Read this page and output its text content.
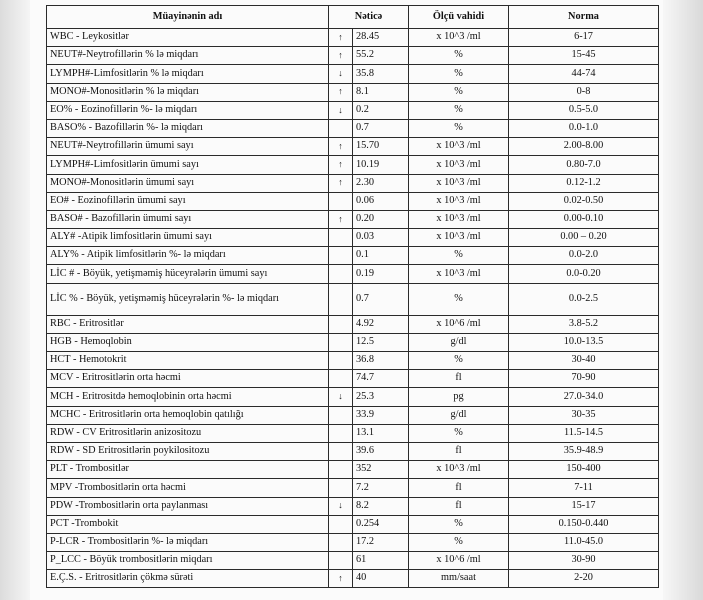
Müayinənin adı	Nəticə		Ölçü vahidi	Norma
WBC - Leykositlər	↑	28.45	x 10^3 /ml	6-17
NEUT#-Neytrofillərin % lə miqdarı	↑	55.2	%	15-45
LYMPH#-Limfositlərin % lə miqdarı	↓	35.8	%	44-74
MONO#-Monositlərin % lə miqdarı	↑	8.1	%	0-8
EO% - Eozinofillərin %- lə miqdarı	↓	0.2	%	0.5-5.0
BASO% - Bazofillərin %- lə miqdarı		0.7	%	0.0-1.0
NEUT#-Neytrofillərin ümumi sayı	↑	15.70	x 10^3 /ml	2.00-8.00
LYMPH#-Limfositlərin ümumi sayı	↑	10.19	x 10^3 /ml	0.80-7.0
MONO#-Monositlərin ümumi sayı	↑	2.30	x 10^3 /ml	0.12-1.2
EO# - Eozinofillərin ümumi sayı		0.06	x 10^3 /ml	0.02-0.50
BASO# - Bazofillərin ümumi sayı	↑	0.20	x 10^3 /ml	0.00-0.10
ALY# -Atipik limfositlərin ümumi sayı		0.03	x 10^3 /ml	0.00 – 0.20
ALY% - Atipik limfositlərin %- lə miqdarı		0.1	%	0.0-2.0
LİC # - Böyük, yetişməmiş hüceyrələrin ümumi sayı		0.19	x 10^3 /ml	0.0-0.20
LİC % - Böyük, yetişməmiş hüceyrələrin %- lə miqdarı		0.7	%	0.0-2.5
RBC - Eritrositlər		4.92	x 10^6 /ml	3.8-5.2
HGB - Hemoqlobin		12.5	g/dl	10.0-13.5
HCT - Hemotokrit		36.8	%	30-40
MCV - Eritrositlərin orta həcmi		74.7	fl	70-90
MCH - Eritrositdə hemoqlobinin orta həcmi	↓	25.3	pg	27.0-34.0
MCHC - Eritrositlərin orta hemoqlobin qatılığı		33.9	g/dl	30-35
RDW - CV Eritrositlərin anizositozu		13.1	%	11.5-14.5
RDW - SD Eritrositlərin poykilositozu		39.6	fl	35.9-48.9
PLT - Trombositlər		352	x 10^3 /ml	150-400
MPV -Trombositlərin orta həcmi		7.2	fl	7-11
PDW -Trombositlərin orta paylanması	↓	8.2	fl	15-17
PCT -Trombokit		0.254	%	0.150-0.440
P-LCR - Trombositlərin %- lə miqdarı		17.2	%	11.0-45.0
P_LCC - Böyük trombositlərin miqdarı		61	x 10^6 /ml	30-90
E.Ç.S. - Eritrositlərin çökmə sürəti	↑	40	mm/saat	2-20
